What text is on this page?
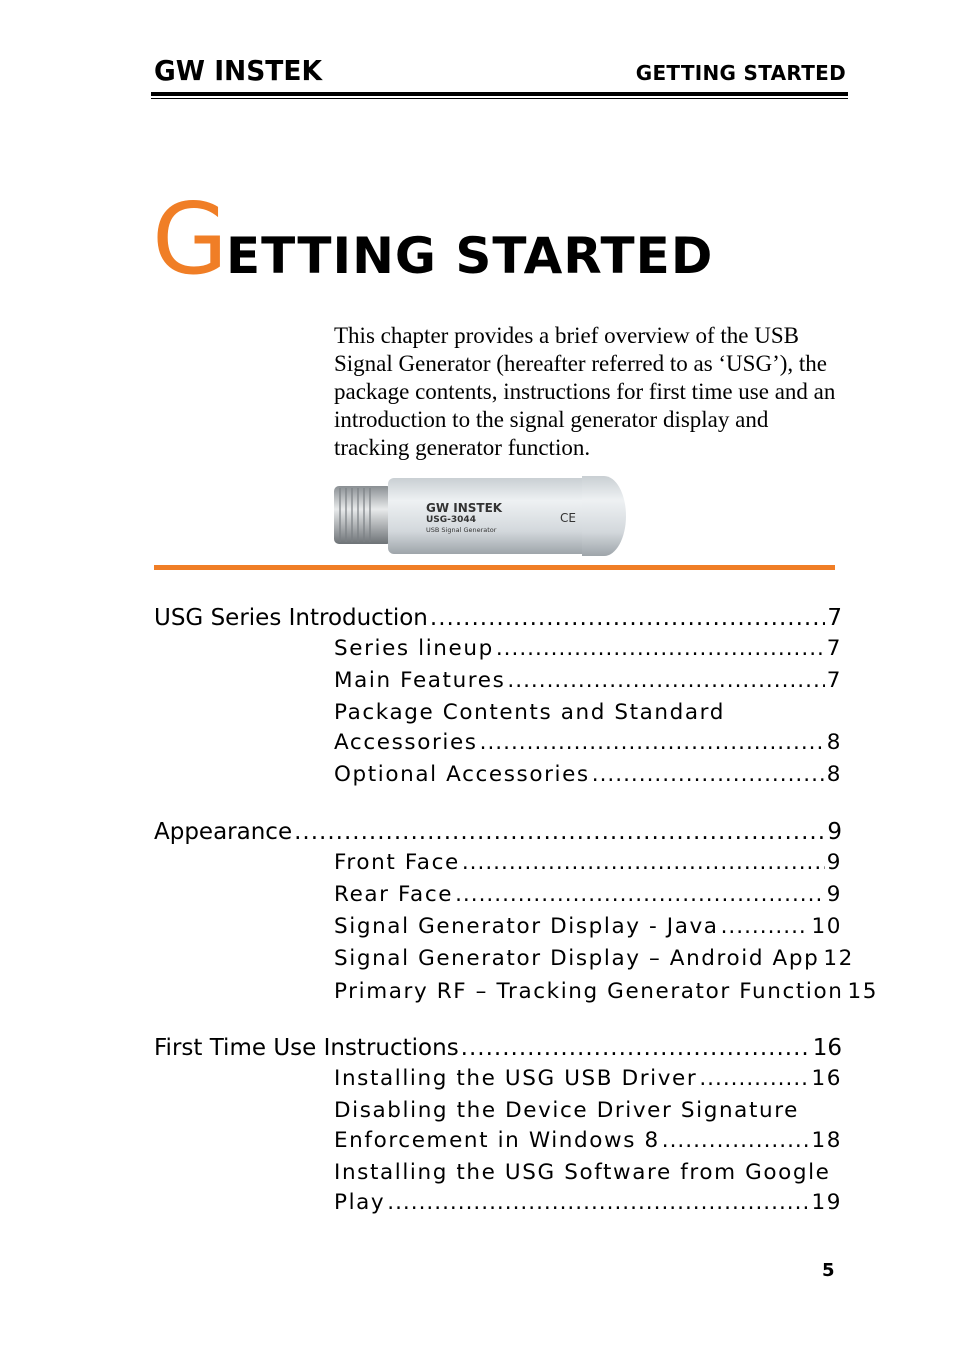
GW INSTEK	GETTING STARTED
GETTING STARTED

This chapter provides a brief overview of the USB Signal Generator (hereafter referred to as ‘USG’), the package contents, instructions for first time use and an introduction to the signal generator display and tracking generator function.

GW INSTEK
USG-3044
USB Signal Generator
CE
USG Series Introduction .....	7
Series lineup .....	7
Main Features .....	7
Package Contents and Standard
Accessories .....	8
Optional Accessories .....	8
Appearance .....	9
Front Face .....	9
Rear Face .....	9
Signal Generator Display - Java .....	10
Signal Generator Display – Android App 12
Primary RF – Tracking Generator Function 15
First Time Use Instructions .....	16
Installing the USG USB Driver .....	16
Disabling the Device Driver Signature
Enforcement in Windows 8 .....	18
Installing the USG Software from Google
Play .....	19
5
